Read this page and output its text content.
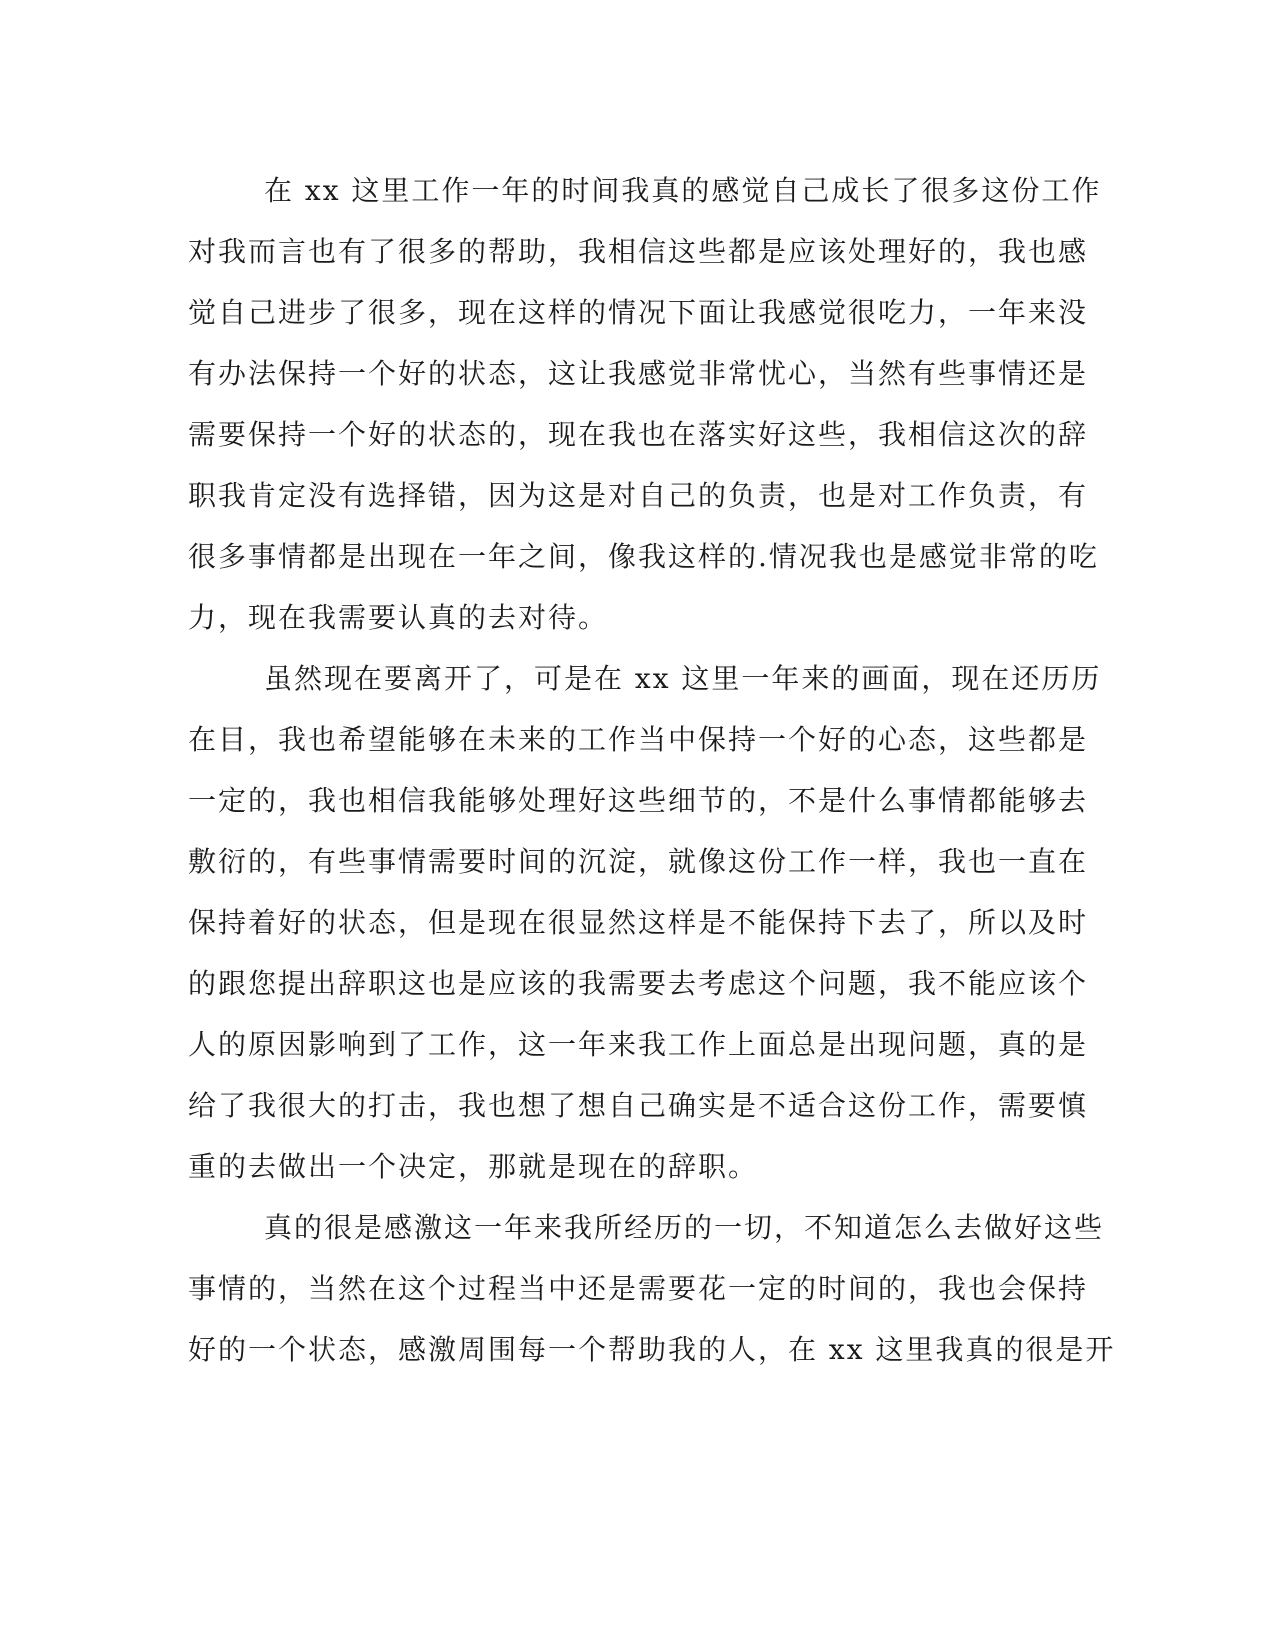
在 xx 这里工作一年的时间我真的感觉自己成长了很多这份工作
对我而言也有了很多的帮助，我相信这些都是应该处理好的，我也感
觉自己进步了很多，现在这样的情况下面让我感觉很吃力，一年来没
有办法保持一个好的状态，这让我感觉非常忧心，当然有些事情还是
需要保持一个好的状态的，现在我也在落实好这些，我相信这次的辞
职我肯定没有选择错，因为这是对自己的负责，也是对工作负责，有
很多事情都是出现在一年之间，像我这样的.情况我也是感觉非常的吃
力，现在我需要认真的去对待。
虽然现在要离开了，可是在 xx 这里一年来的画面，现在还历历
在目，我也希望能够在未来的工作当中保持一个好的心态，这些都是
一定的，我也相信我能够处理好这些细节的，不是什么事情都能够去
敷衍的，有些事情需要时间的沉淀，就像这份工作一样，我也一直在
保持着好的状态，但是现在很显然这样是不能保持下去了，所以及时
的跟您提出辞职这也是应该的我需要去考虑这个问题，我不能应该个
人的原因影响到了工作，这一年来我工作上面总是出现问题，真的是
给了我很大的打击，我也想了想自己确实是不适合这份工作，需要慎
重的去做出一个决定，那就是现在的辞职。
真的很是感激这一年来我所经历的一切，不知道怎么去做好这些
事情的，当然在这个过程当中还是需要花一定的时间的，我也会保持
好的一个状态，感激周围每一个帮助我的人，在 xx 这里我真的很是开
